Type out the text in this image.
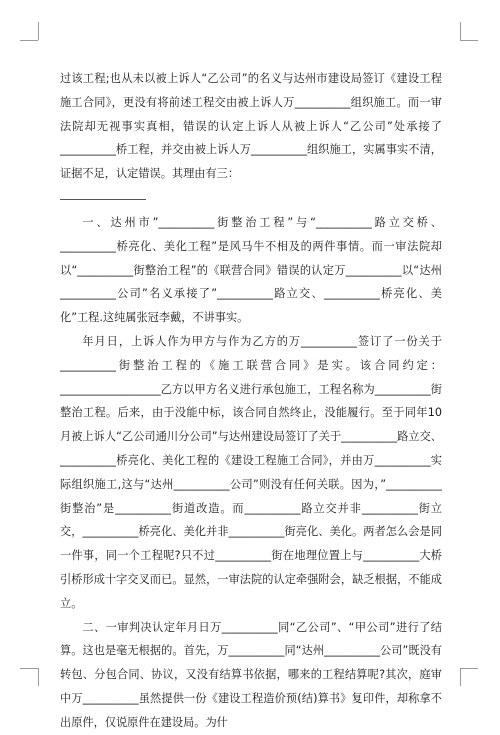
过该工程;也从未以被上诉人“乙公司”的名义与达州市建设局签订《建设工程施工合同》，更没有将前述工程交由被上诉人万__________组织施工。而一审法院却无视事实真相，错误的认定上诉人从被上诉人“乙公司”处承接了__________桥工程，并交由被上诉人万__________组织施工，实属事实不清，证据不足，认定错误。其理由有三：

一、达州市”__________街整治工程”与“__________路立交桥、__________桥亮化、美化工程”是风马牛不相及的两件事情。而一审法院却以“__________街整治工程”的《联营合同》错误的认定万__________以“达州__________公司”名义承接了”__________路立交、__________桥亮化、美化”工程.这纯属张冠李戴，不讲事实。

年月日，上诉人作为甲方与作为乙方的万__________签订了一份关于__________街整治工程的《施工联营合同》是实。该合同约定：__________________乙方以甲方名义进行承包施工，工程名称为__________街整治工程。后来，由于没能中标，该合同自然终止，没能履行。至于同年10月被上诉人“乙公司通川分公司”与达州建设局签订了关于__________路立交、__________桥亮化、美化工程的《建设工程施工合同》，并由万__________实际组织施工,这与“达州__________公司”则没有任何关联。因为，”__________街整治”是__________街道改造。而__________路立交并非__________街立交，__________桥亮化、美化并非__________街亮化、美化。两者怎么会是同一件事，同一个工程呢?只不过__________街在地理位置上与__________大桥引桥形成十字交叉而已。显然，一审法院的认定牵强附会，缺乏根据，不能成立。

二、一审判决认定年月日万__________同“乙公司”、“甲公司”进行了结算。这也是毫无根据的。首先，万__________同“达州__________公司”既没有转包、分包合同、协议，又没有结算书依据，哪来的工程结算呢?其次，庭审中万__________虽然提供一份《建设工程造价预(结)算书》复印件，却称拿不出原件，仅说原件在建设局。为什
